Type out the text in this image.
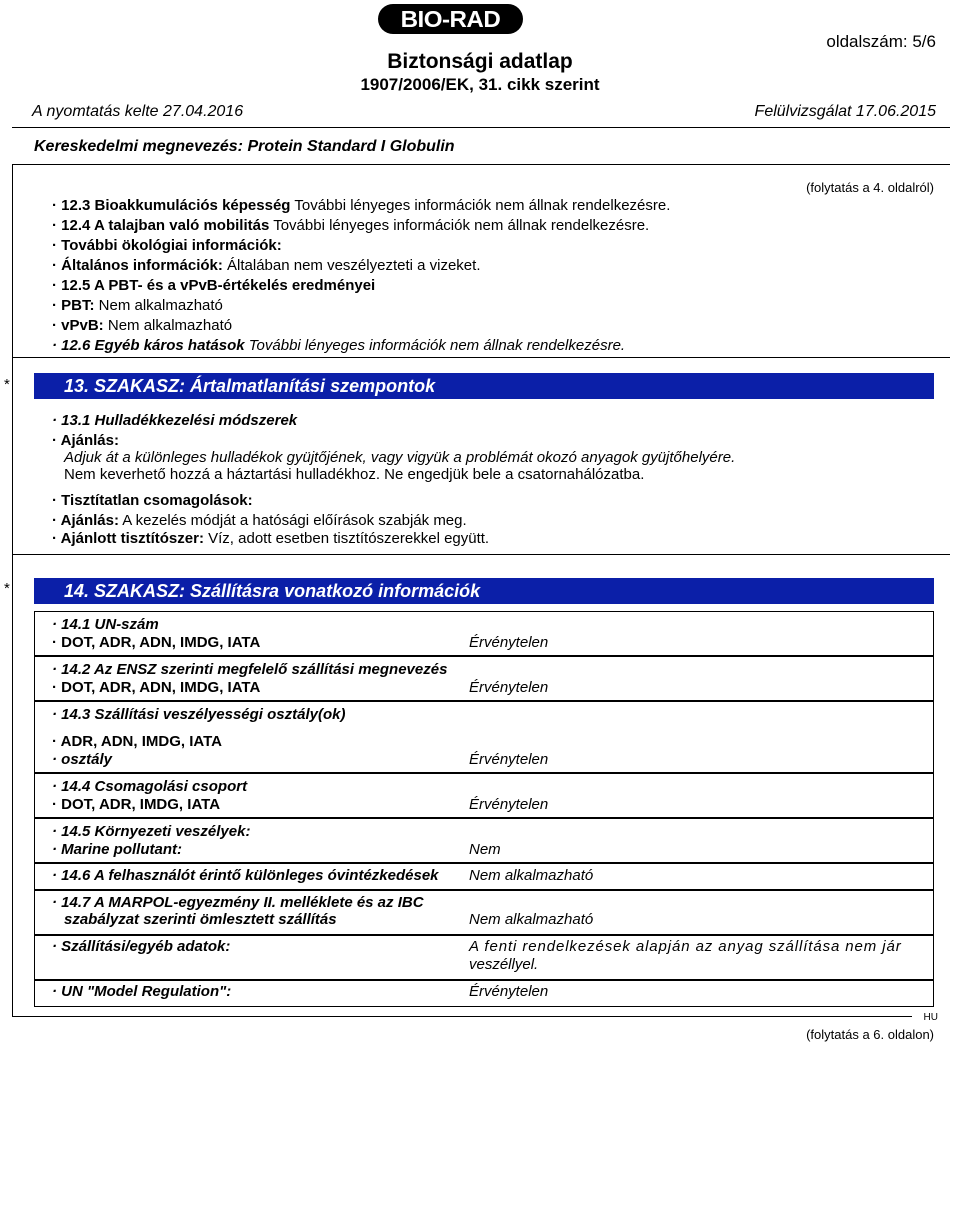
BIO-RAD
oldalszám: 5/6
Biztonsági adatlap
1907/2006/EK, 31. cikk szerint
A nyomtatás kelte 27.04.2016	Felülvizsgálat 17.06.2015
Kereskedelmi megnevezés: Protein Standard I Globulin
(folytatás a 4. oldalról)
· 12.3 Bioakkumulációs képesség További lényeges információk nem állnak rendelkezésre.
· 12.4 A talajban való mobilitás További lényeges információk nem állnak rendelkezésre.
· További ökológiai információk:
· Általános információk: Általában nem veszélyezteti a vizeket.
· 12.5 A PBT- és a vPvB-értékelés eredményei
· PBT: Nem alkalmazható
· vPvB: Nem alkalmazható
· 12.6 Egyéb káros hatások További lényeges információk nem állnak rendelkezésre.
*	13. SZAKASZ: Ártalmatlanítási szempontok
· 13.1 Hulladékkezelési módszerek
· Ajánlás:
Adjuk át a különleges hulladékok gyüjtőjének, vagy vigyük a problémát okozó anyagok gyüjtőhelyére.
Nem keverhető hozzá a háztartási hulladékhoz. Ne engedjük bele a csatornahálózatba.
· Tisztítatlan csomagolások:
· Ajánlás: A kezelés módját a hatósági előírások szabják meg.
· Ajánlott tisztítószer: Víz, adott esetben tisztítószerekkel együtt.
*	14. SZAKASZ: Szállításra vonatkozó információk
· 14.1 UN-szám
· DOT, ADR, ADN, IMDG, IATA	Érvénytelen
· 14.2 Az ENSZ szerinti megfelelő szállítási megnevezés
· DOT, ADR, ADN, IMDG, IATA	Érvénytelen
· 14.3 Szállítási veszélyességi osztály(ok)
· ADR, ADN, IMDG, IATA
· osztály	Érvénytelen
· 14.4 Csomagolási csoport
· DOT, ADR, IMDG, IATA	Érvénytelen
· 14.5 Környezeti veszélyek:
· Marine pollutant:	Nem
· 14.6 A felhasználót érintő különleges óvintézkedések Nem alkalmazható
· 14.7 A MARPOL-egyezmény II. melléklete és az IBC
szabályzat szerinti ömlesztett szállítás	Nem alkalmazható
· Szállítási/egyéb adatok:	A fenti rendelkezések alapján az anyag szállítása nem jár
veszéllyel.
· UN "Model Regulation":	Érvénytelen
HU
(folytatás a 6. oldalon)
